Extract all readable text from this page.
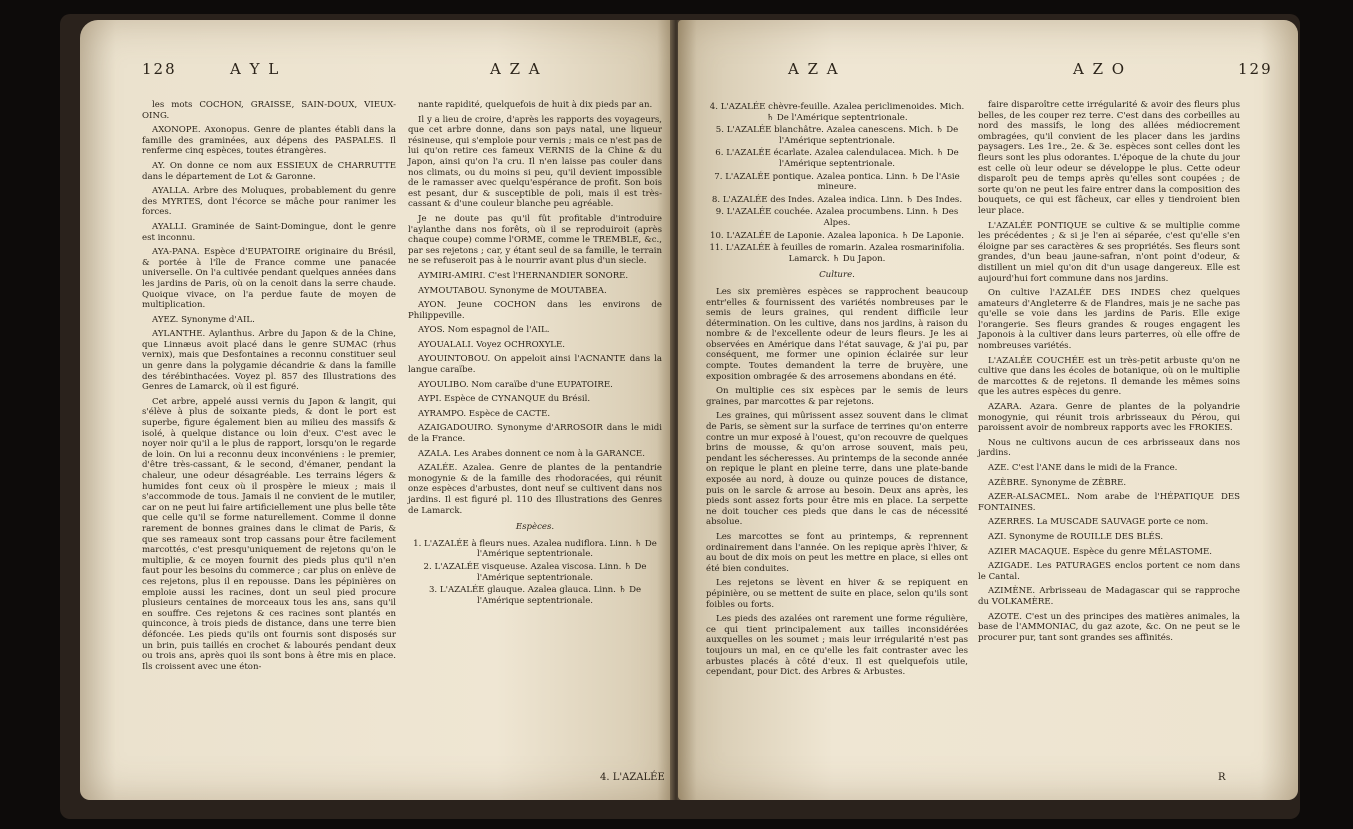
128	A Y L	A Z A

les mots COCHON, GRAISSE, SAIN-DOUX, VIEUX-OING.

AXONOPE. Axonopus. Genre de plantes établi dans la famille des graminées, aux dépens des PASPALES. Il renferme cinq espèces, toutes étrangères.

AY. On donne ce nom aux ESSIEUX de CHARRUTTE dans le département de Lot & Garonne.

AYALLA. Arbre des Moluques, probablement du genre des MYRTES, dont l'écorce se mâche pour ranimer les forces.

AYALLI. Graminée de Saint-Domingue, dont le genre est inconnu.

AYA-PANA. Espèce d'EUPATOIRE originaire du Brésil, & portée à l'île de France comme une panacée universelle. On l'a cultivée pendant quelques années dans les jardins de Paris, où on la cenoit dans la serre chaude. Quoique vivace, on l'a perdue faute de moyen de multiplication.

AYEZ. Synonyme d'AIL.

AYLANTHE. Aylanthus. Arbre du Japon & de la Chine, que Linnæus avoit placé dans le genre SUMAC (rhus vernix), mais que Desfontaines a reconnu constituer seul un genre dans la polygamie décandrie & dans la famille des térébinthacées. Voyez pl. 857 des Illustrations des Genres de Lamarck, où il est figuré.

Cet arbre, appelé aussi vernis du Japon & langit, qui s'élève à plus de soixante pieds, & dont le port est superbe, figure également bien au milieu des massifs & isolé, à quelque distance ou loin d'eux. C'est avec le noyer noir qu'il a le plus de rapport, lorsqu'on le regarde de loin. On lui a reconnu deux inconvéniens : le premier, d'être très-cassant, & le second, d'émaner, pendant la chaleur, une odeur désagréable. Les terrains légers & humides font ceux où il prospère le mieux ; mais il s'accommode de tous. Jamais il ne convient de le mutiler, car on ne peut lui faire artificiellement une plus belle tête que celle qu'il se forme naturellement. Comme il donne rarement de bonnes graines dans le climat de Paris, & que ses rameaux sont trop cassans pour être facilement marcottés, c'est presqu'uniquement de rejetons qu'on le multiplie, & ce moyen fournit des pieds plus qu'il n'en faut pour les besoins du commerce ; car plus on enlève de ces rejetons, plus il en repousse. Dans les pépinières on emploie aussi les racines, dont un seul pied procure plusieurs centaines de morceaux tous les ans, sans qu'il en souffre. Ces rejetons & ces racines sont plantés en quinconce, à trois pieds de distance, dans une terre bien défoncée. Les pieds qu'ils ont fournis sont disposés sur un brin, puis taillés en crochet & labourés pendant deux ou trois ans, après quoi ils sont bons à être mis en place. Ils croissent avec une éton-

nante rapidité, quelquefois de huit à dix pieds par an.

Il y a lieu de croire, d'après les rapports des voyageurs, que cet arbre donne, dans son pays natal, une liqueur résineuse, qui s'emploie pour vernis ; mais ce n'est pas de lui qu'on retire ces fameux VERNIS de la Chine & du Japon, ainsi qu'on l'a cru. Il n'en laisse pas couler dans nos climats, ou du moins si peu, qu'il devient impossible de le ramasser avec quelqu'espérance de profit. Son bois est pesant, dur & susceptible de poli, mais il est très-cassant & d'une couleur blanche peu agréable.

Je ne doute pas qu'il fût profitable d'introduire l'aylanthe dans nos forêts, où il se reproduiroit (après chaque coupe) comme l'ORME, comme le TREMBLE, &c., par ses rejetons ; car, y étant seul de sa famille, le terrain ne se refuseroit pas à le nourrir avant plus d'un siecle.

AYMIRI-AMIRI. C'est l'HERNANDIER SONORE.

AYMOUTABOU. Synonyme de MOUTABEA.

AYON. Jeune COCHON dans les environs de Philippeville.

AYOS. Nom espagnol de l'AIL.

AYOUALALI. Voyez OCHROXYLE.

AYOUINTOBOU. On appeloit ainsi l'ACNANTE dans la langue caraïbe.

AYOULIBO. Nom caraïbe d'une EUPATOIRE.

AYPI. Espèce de CYNANQUE du Brésil.

AYRAMPO. Espèce de CACTE.

AZAIGADOUIRO. Synonyme d'ARROSOIR dans le midi de la France.

AZALA. Les Arabes donnent ce nom à la GARANCE.

AZALÉE. Azalea. Genre de plantes de la pentandrie monogynie & de la famille des rhodoracées, qui réunit onze espèces d'arbustes, dont neuf se cultivent dans nos jardins. Il est figuré pl. 110 des Illustrations des Genres de Lamarck.

Espèces.

1. L'AZALÉE à fleurs nues. Azalea nudiflora. Linn. ♄ De l'Amérique septentrionale.

2. L'AZALÉE visqueuse. Azalea viscosa. Linn. ♄ De l'Amérique septentrionale.

3. L'AZALÉE glauque. Azalea glauca. Linn. ♄ De l'Amérique septentrionale.

4. L'AZALÉE
A Z A	A Z O	129

4. L'AZALÉE chèvre-feuille. Azalea periclimenoides. Mich. ♄ De l'Amérique septentrionale.

5. L'AZALÉE blanchâtre. Azalea canescens. Mich. ♄ De l'Amérique septentrionale.

6. L'AZALÉE écarlate. Azalea calendulacea. Mich. ♄ De l'Amérique septentrionale.

7. L'AZALÉE pontique. Azalea pontica. Linn. ♄ De l'Asie mineure.

8. L'AZALÉE des Indes. Azalea indica. Linn. ♄ Des Indes.

9. L'AZALÉE couchée. Azalea procumbens. Linn. ♄ Des Alpes.

10. L'AZALÉE de Laponie. Azalea laponica. ♄ De Laponie.

11. L'AZALÉE à feuilles de romarin. Azalea rosmarinifolia. Lamarck. ♄ Du Japon.

Culture.

Les six premières espèces se rapprochent beaucoup entr'elles & fournissent des variétés nombreuses par le semis de leurs graines, qui rendent difficile leur détermination. On les cultive, dans nos jardins, à raison du nombre & de l'excellente odeur de leurs fleurs. Je les ai observées en Amérique dans l'état sauvage, & j'ai pu, par conséquent, me former une opinion éclairée sur leur compte. Toutes demandent la terre de bruyère, une exposition ombragée & des arrosemens abondans en été.

On multiplie ces six espèces par le semis de leurs graines, par marcottes & par rejetons.

Les graines, qui mûrissent assez souvent dans le climat de Paris, se sèment sur la surface de terrines qu'on enterre contre un mur exposé à l'ouest, qu'on recouvre de quelques brins de mousse, & qu'on arrose souvent, mais peu, pendant les sécheresses. Au printemps de la seconde année on repique le plant en pleine terre, dans une plate-bande exposée au nord, à douze ou quinze pouces de distance, puis on le sarcle & arrose au besoin. Deux ans après, les pieds sont assez forts pour être mis en place. La serpette ne doit toucher ces pieds que dans le cas de nécessité absolue.

Les marcottes se font au printemps, & reprennent ordinairement dans l'année. On les repique après l'hiver, & au bout de dix mois on peut les mettre en place, si elles ont été bien conduites.

Les rejetons se lèvent en hiver & se repiquent en pépinière, ou se mettent de suite en place, selon qu'ils sont foibles ou forts.

Les pieds des azalées ont rarement une forme régulière, ce qui tient principalement aux tailles inconsidérées auxquelles on les soumet ; mais leur irrégularité n'est pas toujours un mal, en ce qu'elle les fait contraster avec les arbustes placés à côté d'eux. Il est quelquefois utile, cependant, pour Dict. des Arbres & Arbustes.

faire disparoître cette irrégularité & avoir des fleurs plus belles, de les couper rez terre. C'est dans des corbeilles au nord des massifs, le long des allées médiocrement ombragées, qu'il convient de les placer dans les jardins paysagers. Les 1re., 2e. & 3e. espèces sont celles dont les fleurs sont les plus odorantes. L'époque de la chute du jour est celle où leur odeur se développe le plus. Cette odeur disparoît peu de temps après qu'elles sont coupées ; de sorte qu'on ne peut les faire entrer dans la composition des bouquets, ce qui est fâcheux, car elles y tiendroient bien leur place.

L'AZALÉE PONTIQUE se cultive & se multiplie comme les précédentes ; & si je l'en ai séparée, c'est qu'elle s'en éloigne par ses caractères & ses propriétés. Ses fleurs sont grandes, d'un beau jaune-safran, n'ont point d'odeur, & distillent un miel qu'on dit d'un usage dangereux. Elle est aujourd'hui fort commune dans nos jardins.

On cultive l'AZALÉE DES INDES chez quelques amateurs d'Angleterre & de Flandres, mais je ne sache pas qu'elle se voie dans les jardins de Paris. Elle exige l'orangerie. Ses fleurs grandes & rouges engagent les Japonois à la cultiver dans leurs parterres, où elle offre de nombreuses variétés.

L'AZALÉE COUCHÉE est un très-petit arbuste qu'on ne cultive que dans les écoles de botanique, où on le multiplie de marcottes & de rejetons. Il demande les mêmes soins que les autres espèces du genre.

AZARA. Azara. Genre de plantes de la polyandrie monogynie, qui réunit trois arbrisseaux du Pérou, qui paroissent avoir de nombreux rapports avec les FROKIES.

Nous ne cultivons aucun de ces arbrisseaux dans nos jardins.

AZE. C'est l'ANE dans le midi de la France.

AZÈBRE. Synonyme de ZÈBRE.

AZER-ALSACMEL. Nom arabe de l'HÉPATIQUE DES FONTAINES.

AZERRES. La MUSCADE SAUVAGE porte ce nom.

AZI. Synonyme de ROUILLE DES BLÉS.

AZIER MACAQUE. Espèce du genre MÉLASTOME.

AZIGADE. Les PATURAGES enclos portent ce nom dans le Cantal.

AZIMÈNE. Arbrisseau de Madagascar qui se rapproche du VOLKAMÈRE.

AZOTE. C'est un des principes des matières animales, la base de l'AMMONIAC, du gaz azote, &c. On ne peut se le procurer pur, tant sont grandes ses affinités.

R
